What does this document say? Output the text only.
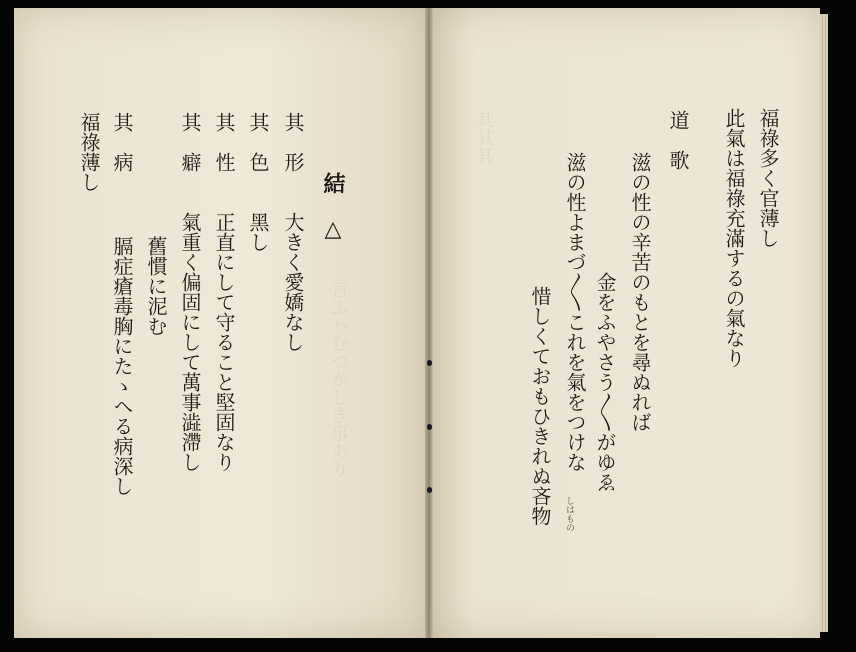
言ふハむつかしき事あり
其其其	福祿多く官薄し
此氣は福祿充滿するの氣なり
道　歌
滋の性の辛苦のもとを尋ぬれば
金をふやさう〳〵がゆゑ
滋の性よまづ〳〵これを氣をつけな
惜しくておもひきれぬ吝物 しはもの
結　△
其　形
大きく愛嬌なし
其　色
黑し
其　性
正直にして守ること堅固なり
其　癖
氣重く偏固にして萬事澁滯し
舊慣に泥む
其　病
膈症瘡毒胸にたゝへる病深し
福祿薄し
